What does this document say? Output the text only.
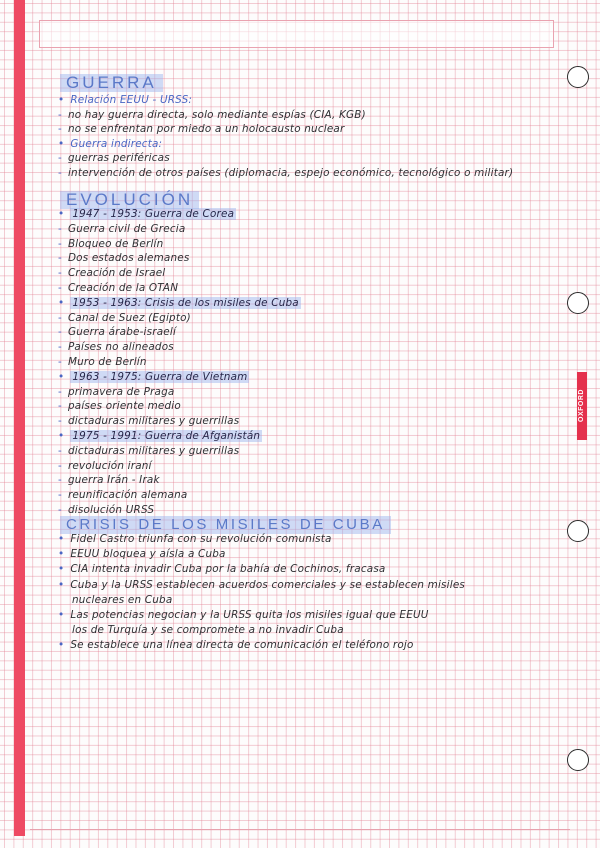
OXFORD
GUERRA
• Relación EEUU - URSS:
- no hay guerra directa, solo mediante espías (CIA, KGB)
- no se enfrentan por miedo a un holocausto nuclear
• Guerra indirecta:
- guerras periféricas
- intervención de otros países (diplomacia, espejo económico, tecnológico o militar)
EVOLUCIÓN
• 1947 - 1953: Guerra de Corea
- Guerra civil de Grecia
- Bloqueo de Berlín
- Dos estados alemanes
- Creación de Israel
- Creación de la OTAN
• 1953 - 1963: Crisis de los misiles de Cuba
- Canal de Suez (Egipto)
- Guerra árabe-israelí
- Países no alineados
- Muro de Berlín
• 1963 - 1975: Guerra de Vietnam
- primavera de Praga
- países oriente medio
- dictaduras militares y guerrillas
• 1975 - 1991: Guerra de Afganistán
- dictaduras militares y guerrillas
- revolución iraní
- guerra Irán - Irak
- reunificación alemana
- disolución URSS
CRISIS DE LOS MISILES DE CUBA
• Fidel Castro triunfa con su revolución comunista
• EEUU bloquea y aísla a Cuba
• CIA intenta invadir Cuba por la bahía de Cochinos, fracasa
• Cuba y la URSS establecen acuerdos comerciales y se establecen misiles
nucleares en Cuba
• Las potencias negocian y la URSS quita los misiles igual que EEUU
los de Turquía y se compromete a no invadir Cuba
• Se establece una línea directa de comunicación el teléfono rojo
